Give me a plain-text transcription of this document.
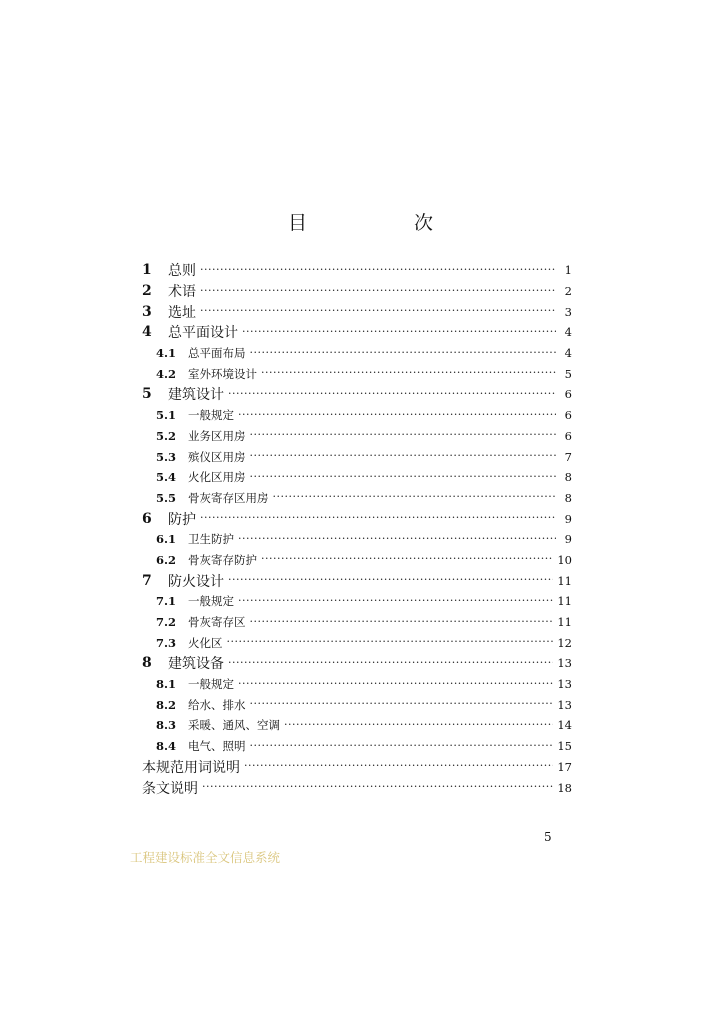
目　次
1	总则 ·····	1
2	术语 ·····	2
3	选址 ·····	3
4	总平面设计 ·····	4
4.1	总平面布局 ·····	4
4.2	室外环境设计 ·····	5
5	建筑设计 ·····	6
5.1	一般规定 ·····	6
5.2	业务区用房 ·····	6
5.3	殡仪区用房 ·····	7
5.4	火化区用房 ·····	8
5.5	骨灰寄存区用房 ·····	8
6	防护 ·····	9
6.1	卫生防护 ·····	9
6.2	骨灰寄存防护 ·····	10
7	防火设计 ·····	11
7.1	一般规定 ·····	11
7.2	骨灰寄存区 ·····	11
7.3	火化区 ·····	12
8	建筑设备 ·····	13
8.1	一般规定 ·····	13
8.2	给水、排水 ·····	13
8.3	采暖、通风、空调 ·····	14
8.4	电气、照明 ·····	15
本规范用词说明 ·····	17
条文说明 ·····	18
5
工程建设标准全文信息系统
